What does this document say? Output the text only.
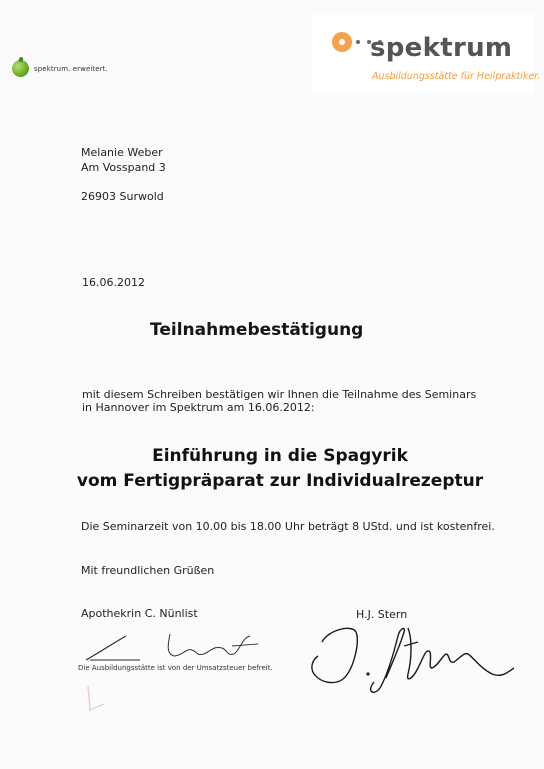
spektrum. erweitert.
spektrum
Ausbildungsstätte für Heilpraktiker.
Melanie Weber
Am Vosspand 3
26903 Surwold
16.06.2012
Teilnahmebestätigung
mit diesem Schreiben bestätigen wir Ihnen die Teilnahme des Seminars
in Hannover im Spektrum am 16.06.2012:
Einführung in die Spagyrik
vom Fertigpräparat zur Individualrezeptur
Die Seminarzeit von 10.00 bis 18.00 Uhr beträgt 8 UStd. und ist kostenfrei.
Mit freundlichen Grüßen
Apothekrin C. Nünlist	H.J. Stern
Die Ausbildungsstätte ist von der Umsatzsteuer befreit.
